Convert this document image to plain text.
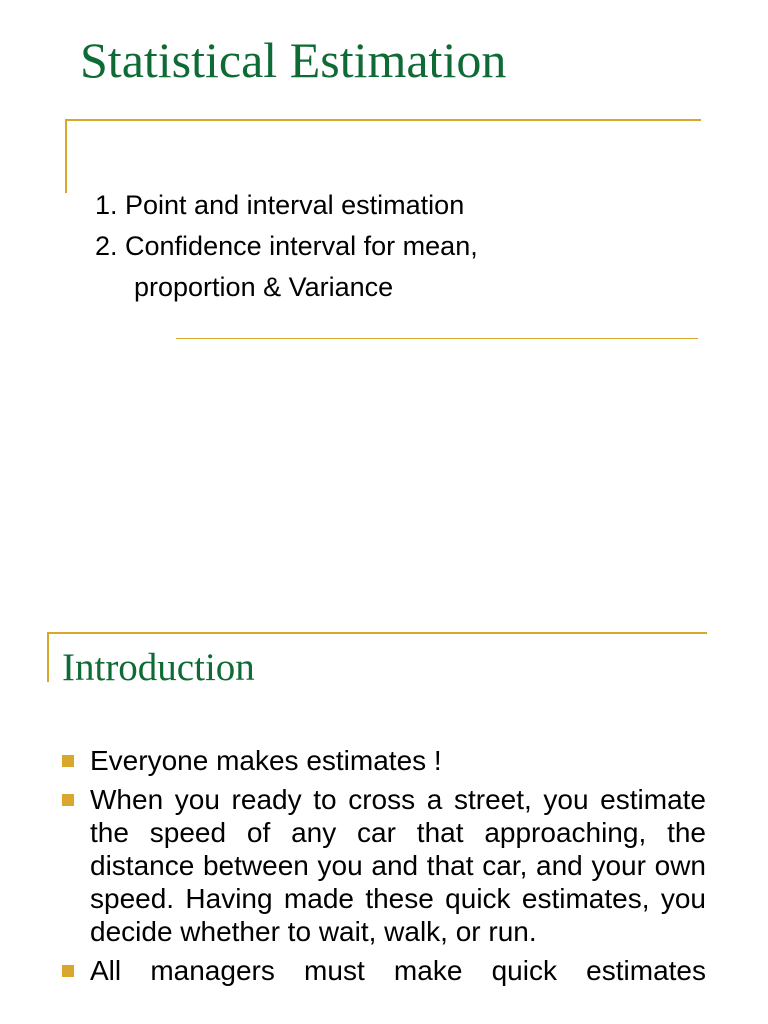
Statistical Estimation
1. Point and interval estimation
2. Confidence interval for mean,
proportion & Variance
Introduction
Everyone makes estimates !
When you ready to cross a street, you estimate the speed of any car that approaching, the distance between you and that car, and your own speed. Having made these quick estimates, you decide whether to wait, walk, or run.
All managers must make quick estimates
